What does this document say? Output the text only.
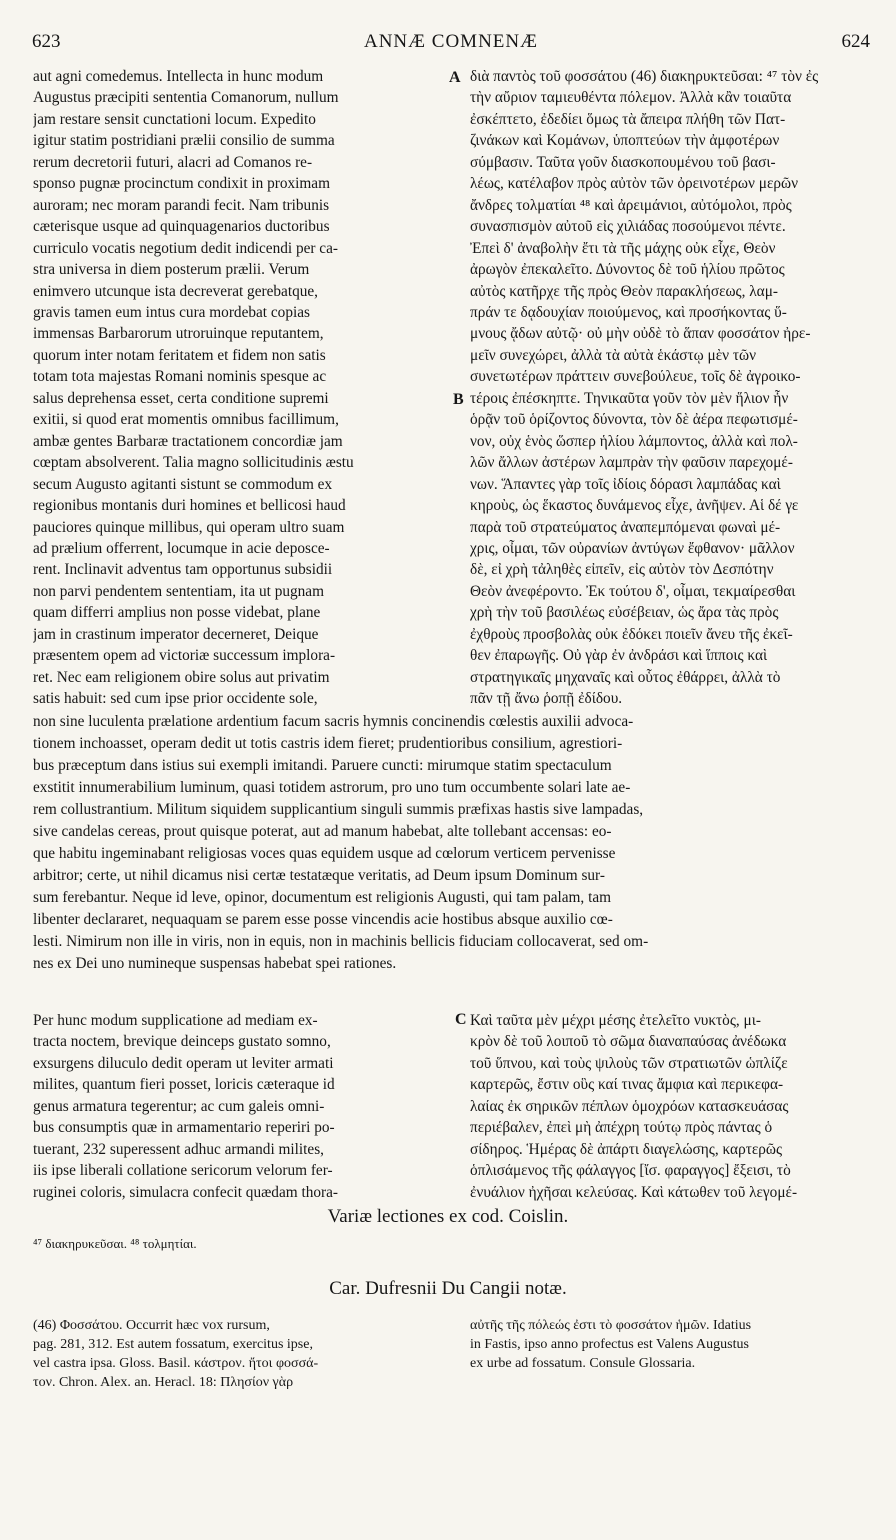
623	ANNÆ COMNENÆ	624
A
B
C
aut agni comedemus. Intellecta in hunc modum
Augustus præcipiti sententia Comanorum, nullum
jam restare sensit cunctationi locum. Expedito
igitur statim postridiani prælii consilio de summa
rerum decretorii futuri, alacri ad Comanos re-
sponso pugnæ procinctum condixit in proximam
auroram; nec moram parandi fecit. Nam tribunis
cæterisque usque ad quinquagenarios ductoribus
curriculo vocatis negotium dedit indicendi per ca-
stra universa in diem posterum prælii. Verum
enimvero utcunque ista decreverat gerebatque,
gravis tamen eum intus cura mordebat copias
immensas Barbarorum utroruinque reputantem,
quorum inter notam feritatem et fidem non satis
totam tota majestas Romani nominis spesque ac
salus deprehensa esset, certa conditione supremi
exitii, si quod erat momentis omnibus facillimum,
ambæ gentes Barbaræ tractationem concordiæ jam
cœptam absolverent. Talia magno sollicitudinis æstu
secum Augusto agitanti sistunt se commodum ex
regionibus montanis duri homines et bellicosi haud
pauciores quinque millibus, qui operam ultro suam
ad prælium offerrent, locumque in acie deposce-
rent. Inclinavit adventus tam opportunus subsidii
non parvi pendentem sententiam, ita ut pugnam
quam differri amplius non posse videbat, plane
jam in crastinum imperator decerneret, Deique
præsentem opem ad victoriæ successum implora-
ret. Nec eam religionem obire solus aut privatim
satis habuit: sed cum ipse prior occidente sole,
διὰ παντὸς τοῦ φοσσάτου (46) διακηρυκτεῦσαι: ⁴⁷ τὸν ἐς
τὴν αὔριον ταμιευθέντα πόλεμον. Ἀλλὰ κἂν τοιαῦτα
ἐσκέπτετο, ἐδεδίει ὅμως τὰ ἄπειρα πλήθη τῶν Πατ-
ζινάκων καὶ Κομάνων, ὑποπτεύων τὴν ἀμφοτέρων
σύμβασιν. Ταῦτα γοῦν διασκοπουμένου τοῦ βασι-
λέως, κατέλαβον πρὸς αὐτὸν τῶν ὀρεινοτέρων μερῶν
ἄνδρες τολματίαι ⁴⁸ καὶ ἀρειμάνιοι, αὐτόμολοι, πρὸς
συνασπισμὸν αὐτοῦ εἰς χιλιάδας ποσούμενοι πέντε.
Ἐπεὶ δ' ἀναβολὴν ἔτι τὰ τῆς μάχης οὐκ εἶχε, Θεὸν
ἀρωγὸν ἐπεκαλεῖτο. Δύνοντος δὲ τοῦ ἡλίου πρῶτος
αὐτὸς κατῆρχε τῆς πρὸς Θεὸν παρακλήσεως, λαμ-
πράν τε δᾳδουχίαν ποιούμενος, καὶ προσήκοντας ὕ-
μνους ᾄδων αὐτῷ· οὐ μὴν οὐδὲ τὸ ἅπαν φοσσάτον ἠρε-
μεῖν συνεχώρει, ἀλλὰ τὰ αὐτὰ ἑκάστῳ μὲν τῶν
συνετωτέρων πράττειν συνεβούλευε, τοῖς δὲ ἀγροικο-
τέροις ἐπέσκηπτε. Τηνικαῦτα γοῦν τὸν μὲν ἥλιον ἦν
ὁρᾷν τοῦ ὁρίζοντος δύνοντα, τὸν δὲ ἀέρα πεφωτισμέ-
νον, οὐχ ἑνὸς ὥσπερ ἡλίου λάμποντος, ἀλλὰ καὶ πολ-
λῶν ἄλλων ἀστέρων λαμπρὰν τὴν φαῦσιν παρεχομέ-
νων. Ἅπαντες γὰρ τοῖς ἰδίοις δόρασι λαμπάδας καὶ
κηροὺς, ὡς ἕκαστος δυνάμενος εἶχε, ἀνῆψεν. Αἱ δέ γε
παρὰ τοῦ στρατεύματος ἀναπεμπόμεναι φωναὶ μέ-
χρις, οἶμαι, τῶν οὐρανίων ἀντύγων ἔφθανον· μᾶλλον
δὲ, εἰ χρὴ τἀληθὲς εἰπεῖν, εἰς αὐτὸν τὸν Δεσπότην
Θεὸν ἀνεφέροντο. Ἐκ τούτου δ', οἶμαι, τεκμαίρεσθαι
χρὴ τὴν τοῦ βασιλέως εὐσέβειαν, ὡς ἄρα τὰς πρὸς
ἐχθροὺς προσβολὰς οὐκ ἐδόκει ποιεῖν ἄνευ τῆς ἐκεῖ-
θεν ἐπαρωγῆς. Οὐ γὰρ ἐν ἀνδράσι καὶ ἵπποις καὶ
στρατηγικαῖς μηχαναῖς καὶ οὗτος ἐθάρρει, ἀλλὰ τὸ
πᾶν τῇ ἄνω ῥοπῇ ἐδίδου.
non sine luculenta prælatione ardentium facum sacris hymnis concinendis cœlestis auxilii advoca-
tionem inchoasset, operam dedit ut totis castris idem fieret; prudentioribus consilium, agrestiori-
bus præceptum dans istius sui exempli imitandi. Paruere cuncti: mirumque statim spectaculum
exstitit innumerabilium luminum, quasi totidem astrorum, pro uno tum occumbente solari late ae-
rem collustrantium. Militum siquidem supplicantium singuli summis præfixas hastis sive lampadas,
sive candelas cereas, prout quisque poterat, aut ad manum habebat, alte tollebant accensas: eo-
que habitu ingeminabant religiosas voces quas equidem usque ad cœlorum verticem pervenisse
arbitror; certe, ut nihil dicamus nisi certæ testatæque veritatis, ad Deum ipsum Dominum sur-
sum ferebantur. Neque id leve, opinor, documentum est religionis Augusti, qui tam palam, tam
libenter declararet, nequaquam se parem esse posse vincendis acie hostibus absque auxilio cœ-
lesti. Nimirum non ille in viris, non in equis, non in machinis bellicis fiduciam collocaverat, sed om-
nes ex Dei uno numineque suspensas habebat spei rationes.
Per hunc modum supplicatione ad mediam ex-
tracta noctem, brevique deinceps gustato somno,
exsurgens diluculo dedit operam ut leviter armati
milites, quantum fieri posset, loricis cæteraque id
genus armatura tegerentur; ac cum galeis omni-
bus consumptis quæ in armamentario reperiri po-
tuerant, 232 superessent adhuc armandi milites,
iis ipse liberali collatione sericorum velorum fer-
ruginei coloris, simulacra confecit quædam thora-
Καὶ ταῦτα μὲν μέχρι μέσης ἐτελεῖτο νυκτὸς, μι-
κρὸν δὲ τοῦ λοιποῦ τὸ σῶμα διαναπαύσας ἀνέδωκα
τοῦ ὕπνου, καὶ τοὺς ψιλοὺς τῶν στρατιωτῶν ὡπλίζε
καρτερῶς, ἔστιν οὓς καί τινας ἄμφια καὶ περικεφα-
λαίας ἐκ σηρικῶν πέπλων ὁμοχρόων κατασκευάσας
περιέβαλεν, ἐπεὶ μὴ ἀπέχρη τούτῳ πρὸς πάντας ὁ
σίδηρος. Ἡμέρας δὲ ἀπάρτι διαγελώσης, καρτερῶς
ὁπλισάμενος τῆς φάλαγγος [ἴσ. φαραγγος] ἔξεισι, τὸ
ἐνυάλιον ἠχῆσαι κελεύσας. Καὶ κάτωθεν τοῦ λεγομέ-
Variæ lectiones ex cod. Coislin.
⁴⁷ διακηρυκεῦσαι. ⁴⁸ τολμητίαι.
Car. Dufresnii Du Cangii notæ.
(46) Φοσσάτου. Occurrit hæc vox rursum,
pag. 281, 312. Est autem fossatum, exercitus ipse,
vel castra ipsa. Gloss. Basil. κάστρον. ἤτοι φοσσά-
τον. Chron. Alex. an. Heracl. 18: Πλησίον γὰρ
αὐτῆς τῆς πόλεώς ἐστι τὸ φοσσάτον ἡμῶν. Idatius
in Fastis, ipso anno profectus est Valens Augustus
ex urbe ad fossatum. Consule Glossaria.
